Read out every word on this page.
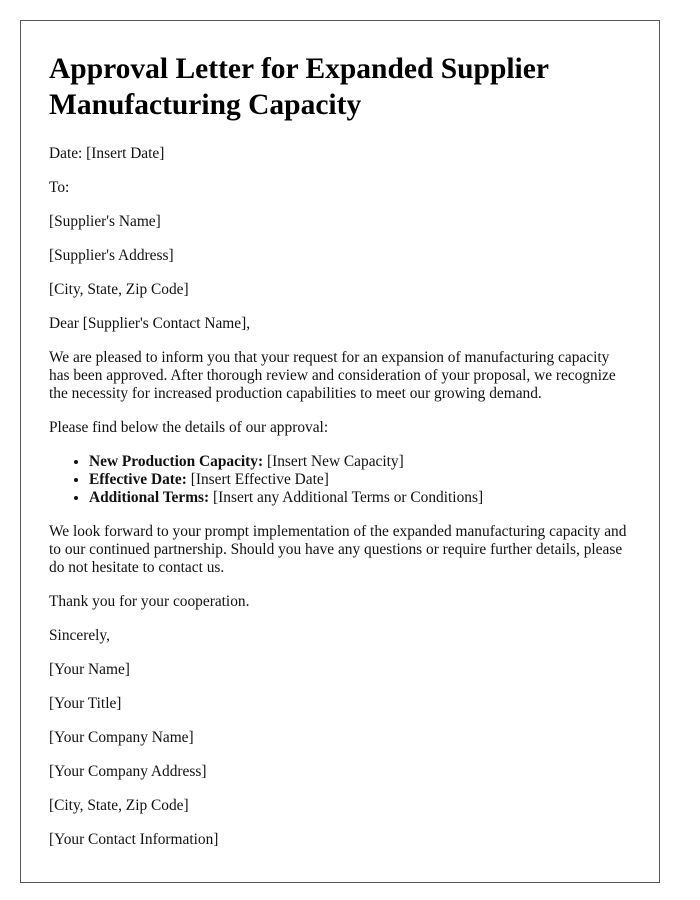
Approval Letter for Expanded Supplier Manufacturing Capacity

Date: [Insert Date]

To:

[Supplier's Name]

[Supplier's Address]

[City, State, Zip Code]

Dear [Supplier's Contact Name],

We are pleased to inform you that your request for an expansion of manufacturing capacity has been approved. After thorough review and consideration of your proposal, we recognize the necessity for increased production capabilities to meet our growing demand.

Please find below the details of our approval:

• New Production Capacity: [Insert New Capacity]
• Effective Date: [Insert Effective Date]
• Additional Terms: [Insert any Additional Terms or Conditions]

We look forward to your prompt implementation of the expanded manufacturing capacity and to our continued partnership. Should you have any questions or require further details, please do not hesitate to contact us.

Thank you for your cooperation.

Sincerely,

[Your Name]

[Your Title]

[Your Company Name]

[Your Company Address]

[City, State, Zip Code]

[Your Contact Information]
